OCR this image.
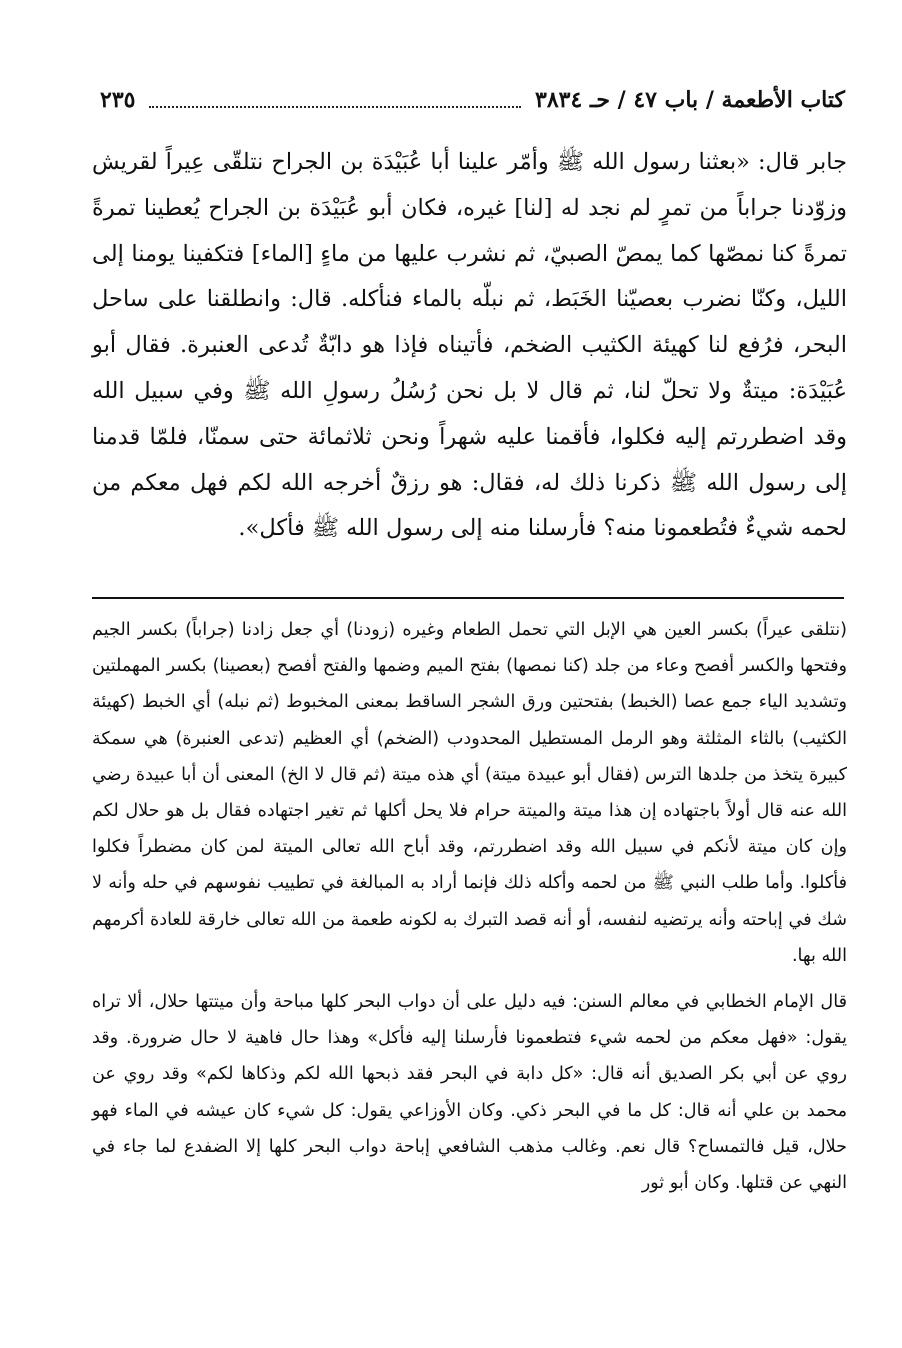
كتاب الأطعمة / باب ٤٧ / حـ ٣٨٣٤
٢٣٥

جابر قال: «بعثنا رسول الله ﷺ وأمّر علينا أبا عُبَيْدَة بن الجراح نتلقّى عِيراً لقريش وزوّدنا جراباً من تمرٍ لم نجد له [لنا] غيره، فكان أبو عُبَيْدَة بن الجراح يُعطينا تمرةً تمرةً كنا نمصّها كما يمصّ الصبيّ، ثم نشرب عليها من ماءٍ [الماء] فتكفينا يومنا إلى الليل، وكنّا نضرب بعصيّنا الخَبَط، ثم نبلّه بالماء فنأكله. قال: وانطلقنا على ساحل البحر، فرُفع لنا كهيئة الكثيب الضخم، فأتيناه فإذا هو دابّةٌ تُدعى العنبرة. فقال أبو عُبَيْدَة: ميتةٌ ولا تحلّ لنا، ثم قال لا بل نحن رُسُلُ رسولِ الله ﷺ وفي سبيل الله وقد اضطررتم إليه فكلوا، فأقمنا عليه شهراً ونحن ثلاثمائة حتى سمنّا، فلمّا قدمنا إلى رسول الله ﷺ ذكرنا ذلك له، فقال: هو رزقٌ أخرجه الله لكم فهل معكم من لحمه شيءٌ فتُطعمونا منه؟ فأرسلنا منه إلى رسول الله ﷺ فأكل».

(نتلقى عيراً) بكسر العين هي الإبل التي تحمل الطعام وغيره (زودنا) أي جعل زادنا (جراباً) بكسر الجيم وفتحها والكسر أفصح وعاء من جلد (كنا نمصها) بفتح الميم وضمها والفتح أفصح (بعصينا) بكسر المهملتين وتشديد الياء جمع عصا (الخبط) بفتحتين ورق الشجر الساقط بمعنى المخبوط (ثم نبله) أي الخبط (كهيئة الكثيب) بالثاء المثلثة وهو الرمل المستطيل المحدودب (الضخم) أي العظيم (تدعى العنبرة) هي سمكة كبيرة يتخذ من جلدها الترس (فقال أبو عبيدة ميتة) أي هذه ميتة (ثم قال لا الخ) المعنى أن أبا عبيدة رضي الله عنه قال أولاً باجتهاده إن هذا ميتة والميتة حرام فلا يحل أكلها ثم تغير اجتهاده فقال بل هو حلال لكم وإن كان ميتة لأنكم في سبيل الله وقد اضطررتم، وقد أباح الله تعالى الميتة لمن كان مضطراً فكلوا فأكلوا. وأما طلب النبي ﷺ من لحمه وأكله ذلك فإنما أراد به المبالغة في تطييب نفوسهم في حله وأنه لا شك في إباحته وأنه يرتضيه لنفسه، أو أنه قصد التبرك به لكونه طعمة من الله تعالى خارقة للعادة أكرمهم الله بها.

قال الإمام الخطابي في معالم السنن: فيه دليل على أن دواب البحر كلها مباحة وأن ميتتها حلال، ألا تراه يقول: «فهل معكم من لحمه شيء فتطعمونا فأرسلنا إليه فأكل» وهذا حال فاهية لا حال ضرورة. وقد روي عن أبي بكر الصديق أنه قال: «كل دابة في البحر فقد ذبحها الله لكم وذكاها لكم» وقد روي عن محمد بن علي أنه قال: كل ما في البحر ذكي. وكان الأوزاعي يقول: كل شيء كان عيشه في الماء فهو حلال، قيل فالتمساح؟ قال نعم. وغالب مذهب الشافعي إباحة دواب البحر كلها إلا الضفدع لما جاء في النهي عن قتلها. وكان أبو ثور
